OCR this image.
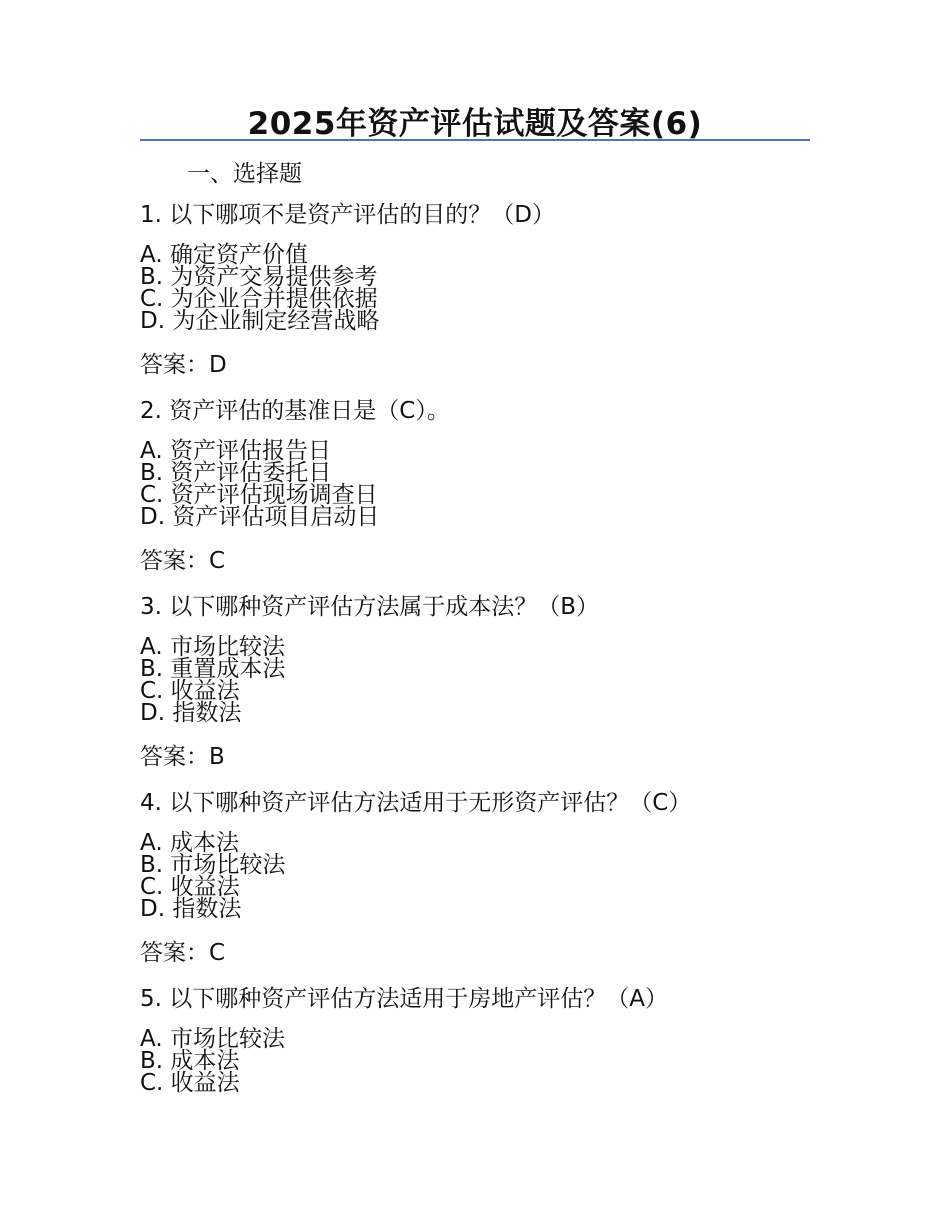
2025年资产评估试题及答案(6)
一、选择题
1. 以下哪项不是资产评估的目的？（D）
A. 确定资产价值
B. 为资产交易提供参考
C. 为企业合并提供依据
D. 为企业制定经营战略
答案：D
2. 资产评估的基准日是（C）。
A. 资产评估报告日
B. 资产评估委托日
C. 资产评估现场调查日
D. 资产评估项目启动日
答案：C
3. 以下哪种资产评估方法属于成本法？（B）
A. 市场比较法
B. 重置成本法
C. 收益法
D. 指数法
答案：B
4. 以下哪种资产评估方法适用于无形资产评估？（C）
A. 成本法
B. 市场比较法
C. 收益法
D. 指数法
答案：C
5. 以下哪种资产评估方法适用于房地产评估？（A）
A. 市场比较法
B. 成本法
C. 收益法
